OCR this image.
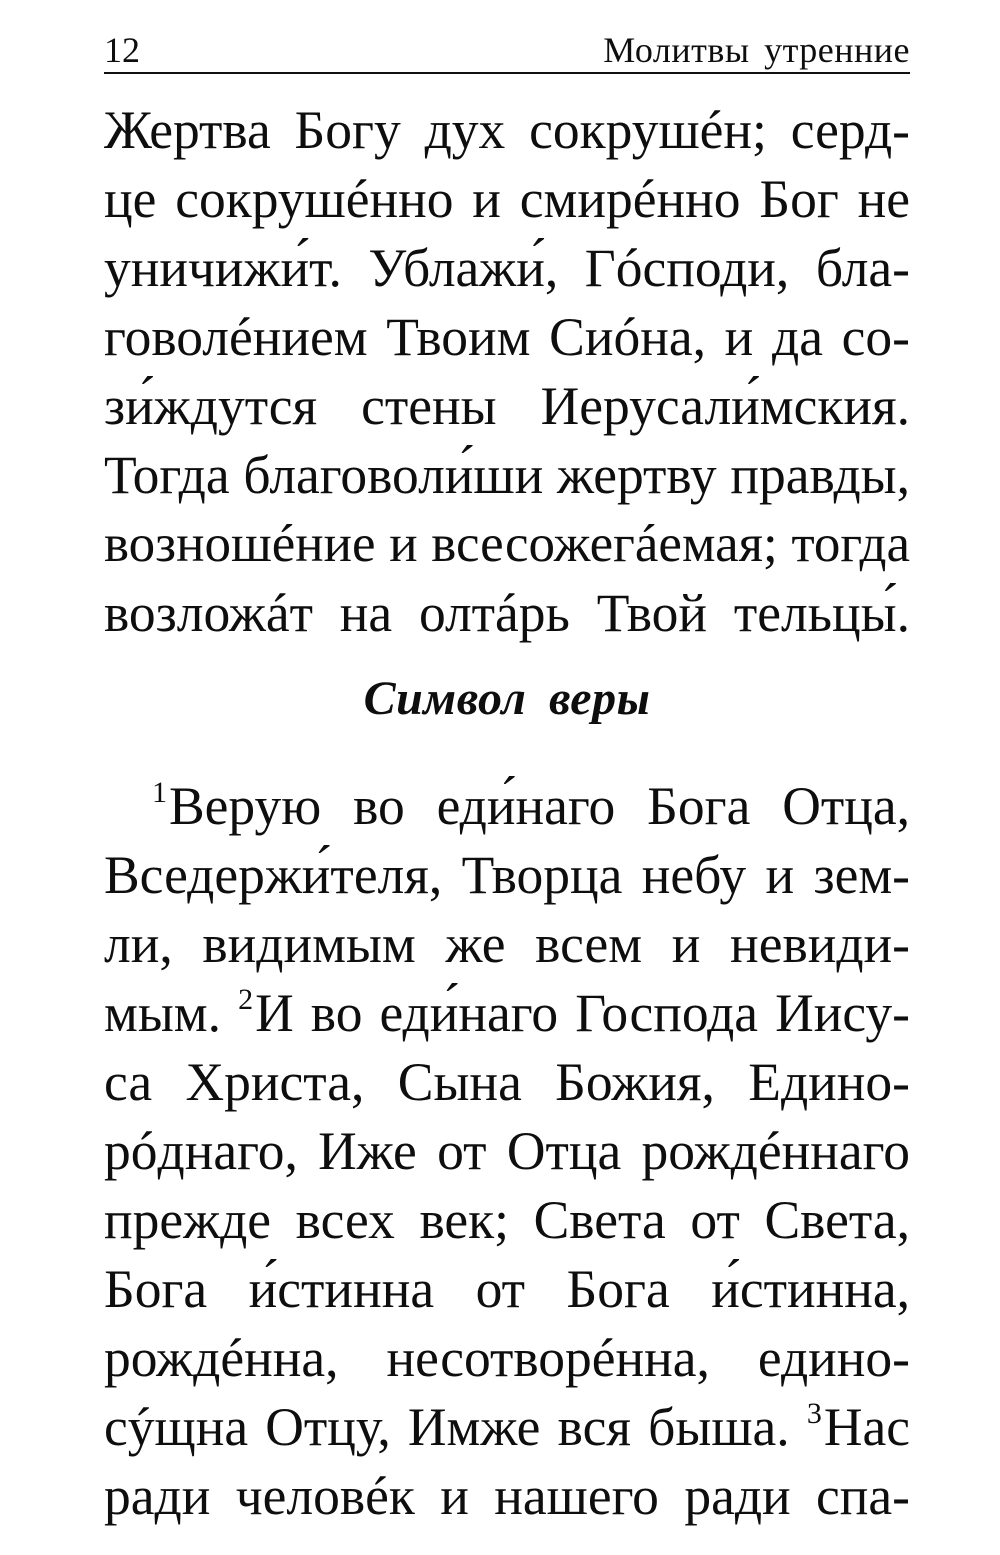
12	Молитвы утренние
Жертва Богу дух сокрушéн; серд-
це сокрушéнно и смирéнно Бог не
уничижи́т. Ублажи́, Гóсподи, бла-
говолéнием Твоим Сиóна, и да со-
зи́ждутся стены Иерусали́мския.
Тогда благоволи́ши жертву правды,
возношéние и всесожегáемая; тогда
возложáт на олтáрь Твой тельцы́.
Символ веры
$^1$Верую во еди́наго Бога Отца,
Вседержи́теля, Творца небу и зем-
ли, видимым же всем и невиди-
мым. $^2$И во еди́наго Господа Иису-
са Христа, Сына Божия, Едино-
рóднаго, Иже от Отца рождéннаго
прежде всех век; Света от Света,
Бога и́стинна от Бога и́стинна,
рождéнна, несотворéнна, едино-
сýщна Отцу, Имже вся быша. $^3$Нас
ради человéк и нашего ради спа-
